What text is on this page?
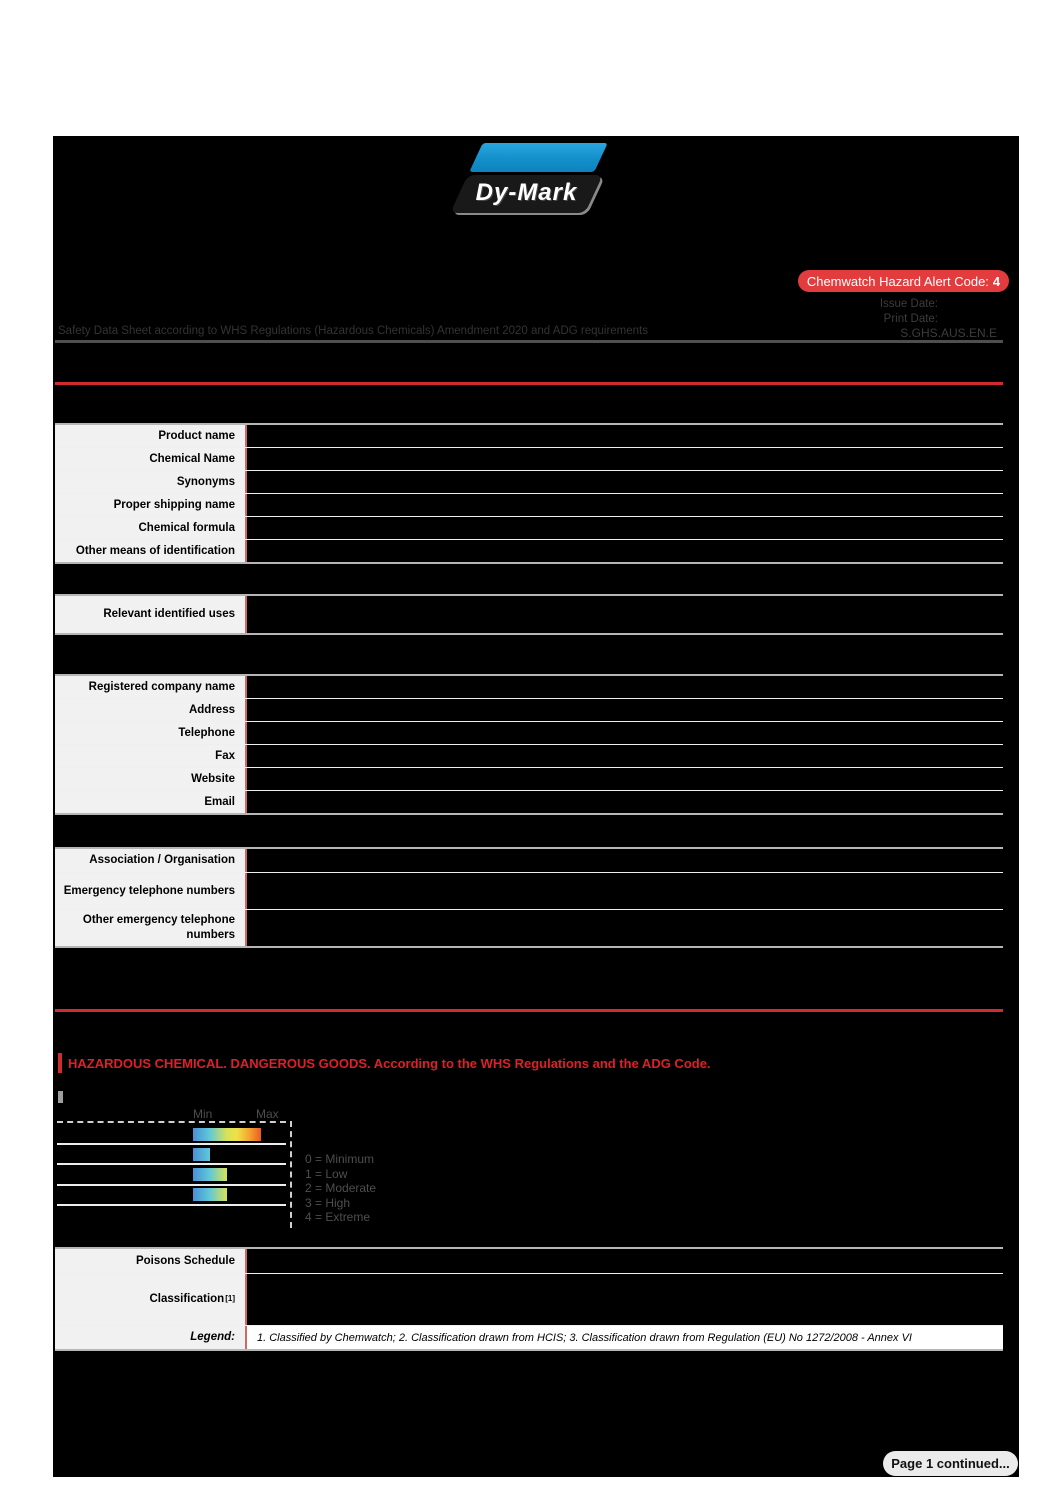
Dy-Mark
Chemwatch Hazard Alert Code: 4
Issue Date:
Print Date:
S.GHS.AUS.EN.E
Safety Data Sheet according to WHS Regulations (Hazardous Chemicals) Amendment 2020 and ADG requirements
Product name
Chemical Name
Synonyms
Proper shipping name
Chemical formula
Other means of identification
Relevant identified uses
Registered company name
Address
Telephone
Fax
Website
Email
Association / Organisation
Emergency telephone numbers
Other emergency telephone numbers
HAZARDOUS CHEMICAL. DANGEROUS GOODS. According to the WHS Regulations and the ADG Code.
Min	Max
0 = Minimum
1 = Low
2 = Moderate
3 = High
4 = Extreme
Poisons Schedule
Classification [1]
Legend:	1. Classified by Chemwatch; 2. Classification drawn from HCIS; 3. Classification drawn from Regulation (EU) No 1272/2008 - Annex VI
Page 1 continued...
